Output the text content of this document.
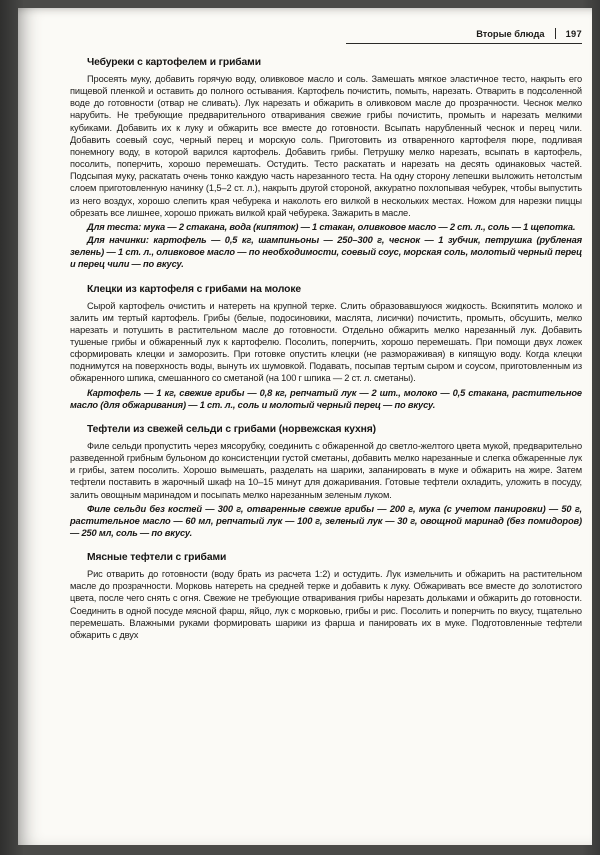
Вторые блюда 197
Чебуреки с картофелем и грибами

Просеять муку, добавить горячую воду, оливковое масло и соль. Замешать мягкое эластичное тесто, накрыть его пищевой пленкой и оставить до полного остывания. Картофель почистить, помыть, нарезать. Отварить в подсоленной воде до готовности (отвар не сливать). Лук нарезать и обжарить в оливковом масле до прозрачности. Чеснок мелко нарубить. Не требующие предварительного отваривания свежие грибы почистить, промыть и нарезать мелкими кубиками. Добавить их к луку и обжарить все вместе до готовности. Всыпать нарубленный чеснок и перец чили. Добавить соевый соус, черный перец и морскую соль. Приготовить из отваренного картофеля пюре, подливая понемногу воду, в которой варился картофель. Добавить грибы. Петрушку мелко нарезать, всыпать в картофель, посолить, поперчить, хорошо перемешать. Остудить. Тесто раскатать и нарезать на десять одинаковых частей. Подсыпая муку, раскатать очень тонко каждую часть нарезанного теста. На одну сторону лепешки выложить нетолстым слоем приготовленную начинку (1,5–2 ст. л.), накрыть другой стороной, аккуратно похлопывая чебурек, чтобы выпустить из него воздух, хорошо слепить края чебурека и наколоть его вилкой в нескольких местах. Ножом для нарезки пиццы обрезать все лишнее, хорошо прижать вилкой край чебурека. Зажарить в масле.

Для теста: мука — 2 стакана, вода (кипяток) — 1 стакан, оливковое масло — 2 ст. л., соль — 1 щепотка.

Для начинки: картофель — 0,5 кг, шампиньоны — 250–300 г, чеснок — 1 зубчик, петрушка (рубленая зелень) — 1 ст. л., оливковое масло — по необходимости, соевый соус, морская соль, молотый черный перец и перец чили — по вкусу.

Клецки из картофеля с грибами на молоке

Сырой картофель очистить и натереть на крупной терке. Слить образовавшуюся жидкость. Вскипятить молоко и залить им тертый картофель. Грибы (белые, подосиновики, маслята, лисички) почистить, промыть, обсушить, мелко нарезать и потушить в растительном масле до готовности. Отдельно обжарить мелко нарезанный лук. Добавить тушеные грибы и обжаренный лук к картофелю. Посолить, поперчить, хорошо перемешать. При помощи двух ложек сформировать клецки и заморозить. При готовке опустить клецки (не размораживая) в кипящую воду. Когда клецки поднимутся на поверхность воды, вынуть их шумовкой. Подавать, посыпав тертым сыром и соусом, приготовленным из обжаренного шпика, смешанного со сметаной (на 100 г шпика — 2 ст. л. сметаны).

Картофель — 1 кг, свежие грибы — 0,8 кг, репчатый лук — 2 шт., молоко — 0,5 стакана, растительное масло (для обжаривания) — 1 ст. л., соль и молотый черный перец — по вкусу.

Тефтели из свежей сельди с грибами (норвежская кухня)

Филе сельди пропустить через мясорубку, соединить с обжаренной до светло-желтого цвета мукой, предварительно разведенной грибным бульоном до консистенции густой сметаны, добавить мелко нарезанные и слегка обжаренные лук и грибы, затем посолить. Хорошо вымешать, разделать на шарики, запанировать в муке и обжарить на жире. Затем тефтели поставить в жарочный шкаф на 10–15 минут для дожаривания. Готовые тефтели охладить, уложить в посуду, залить овощным маринадом и посыпать мелко нарезанным зеленым луком.

Филе сельди без костей — 300 г, отваренные свежие грибы — 200 г, мука (с учетом панировки) — 50 г, растительное масло — 60 мл, репчатый лук — 100 г, зеленый лук — 30 г, овощной маринад (без помидоров) — 250 мл, соль — по вкусу.

Мясные тефтели с грибами

Рис отварить до готовности (воду брать из расчета 1:2) и остудить. Лук измельчить и обжарить на растительном масле до прозрачности. Морковь натереть на средней терке и добавить к луку. Обжаривать все вместе до золотистого цвета, после чего снять с огня. Свежие не требующие отваривания грибы нарезать дольками и обжарить до готовности. Соединить в одной посуде мясной фарш, яйцо, лук с морковью, грибы и рис. Посолить и поперчить по вкусу, тщательно перемешать. Влажными руками формировать шарики из фарша и панировать их в муке. Подготовленные тефтели обжарить с двух
